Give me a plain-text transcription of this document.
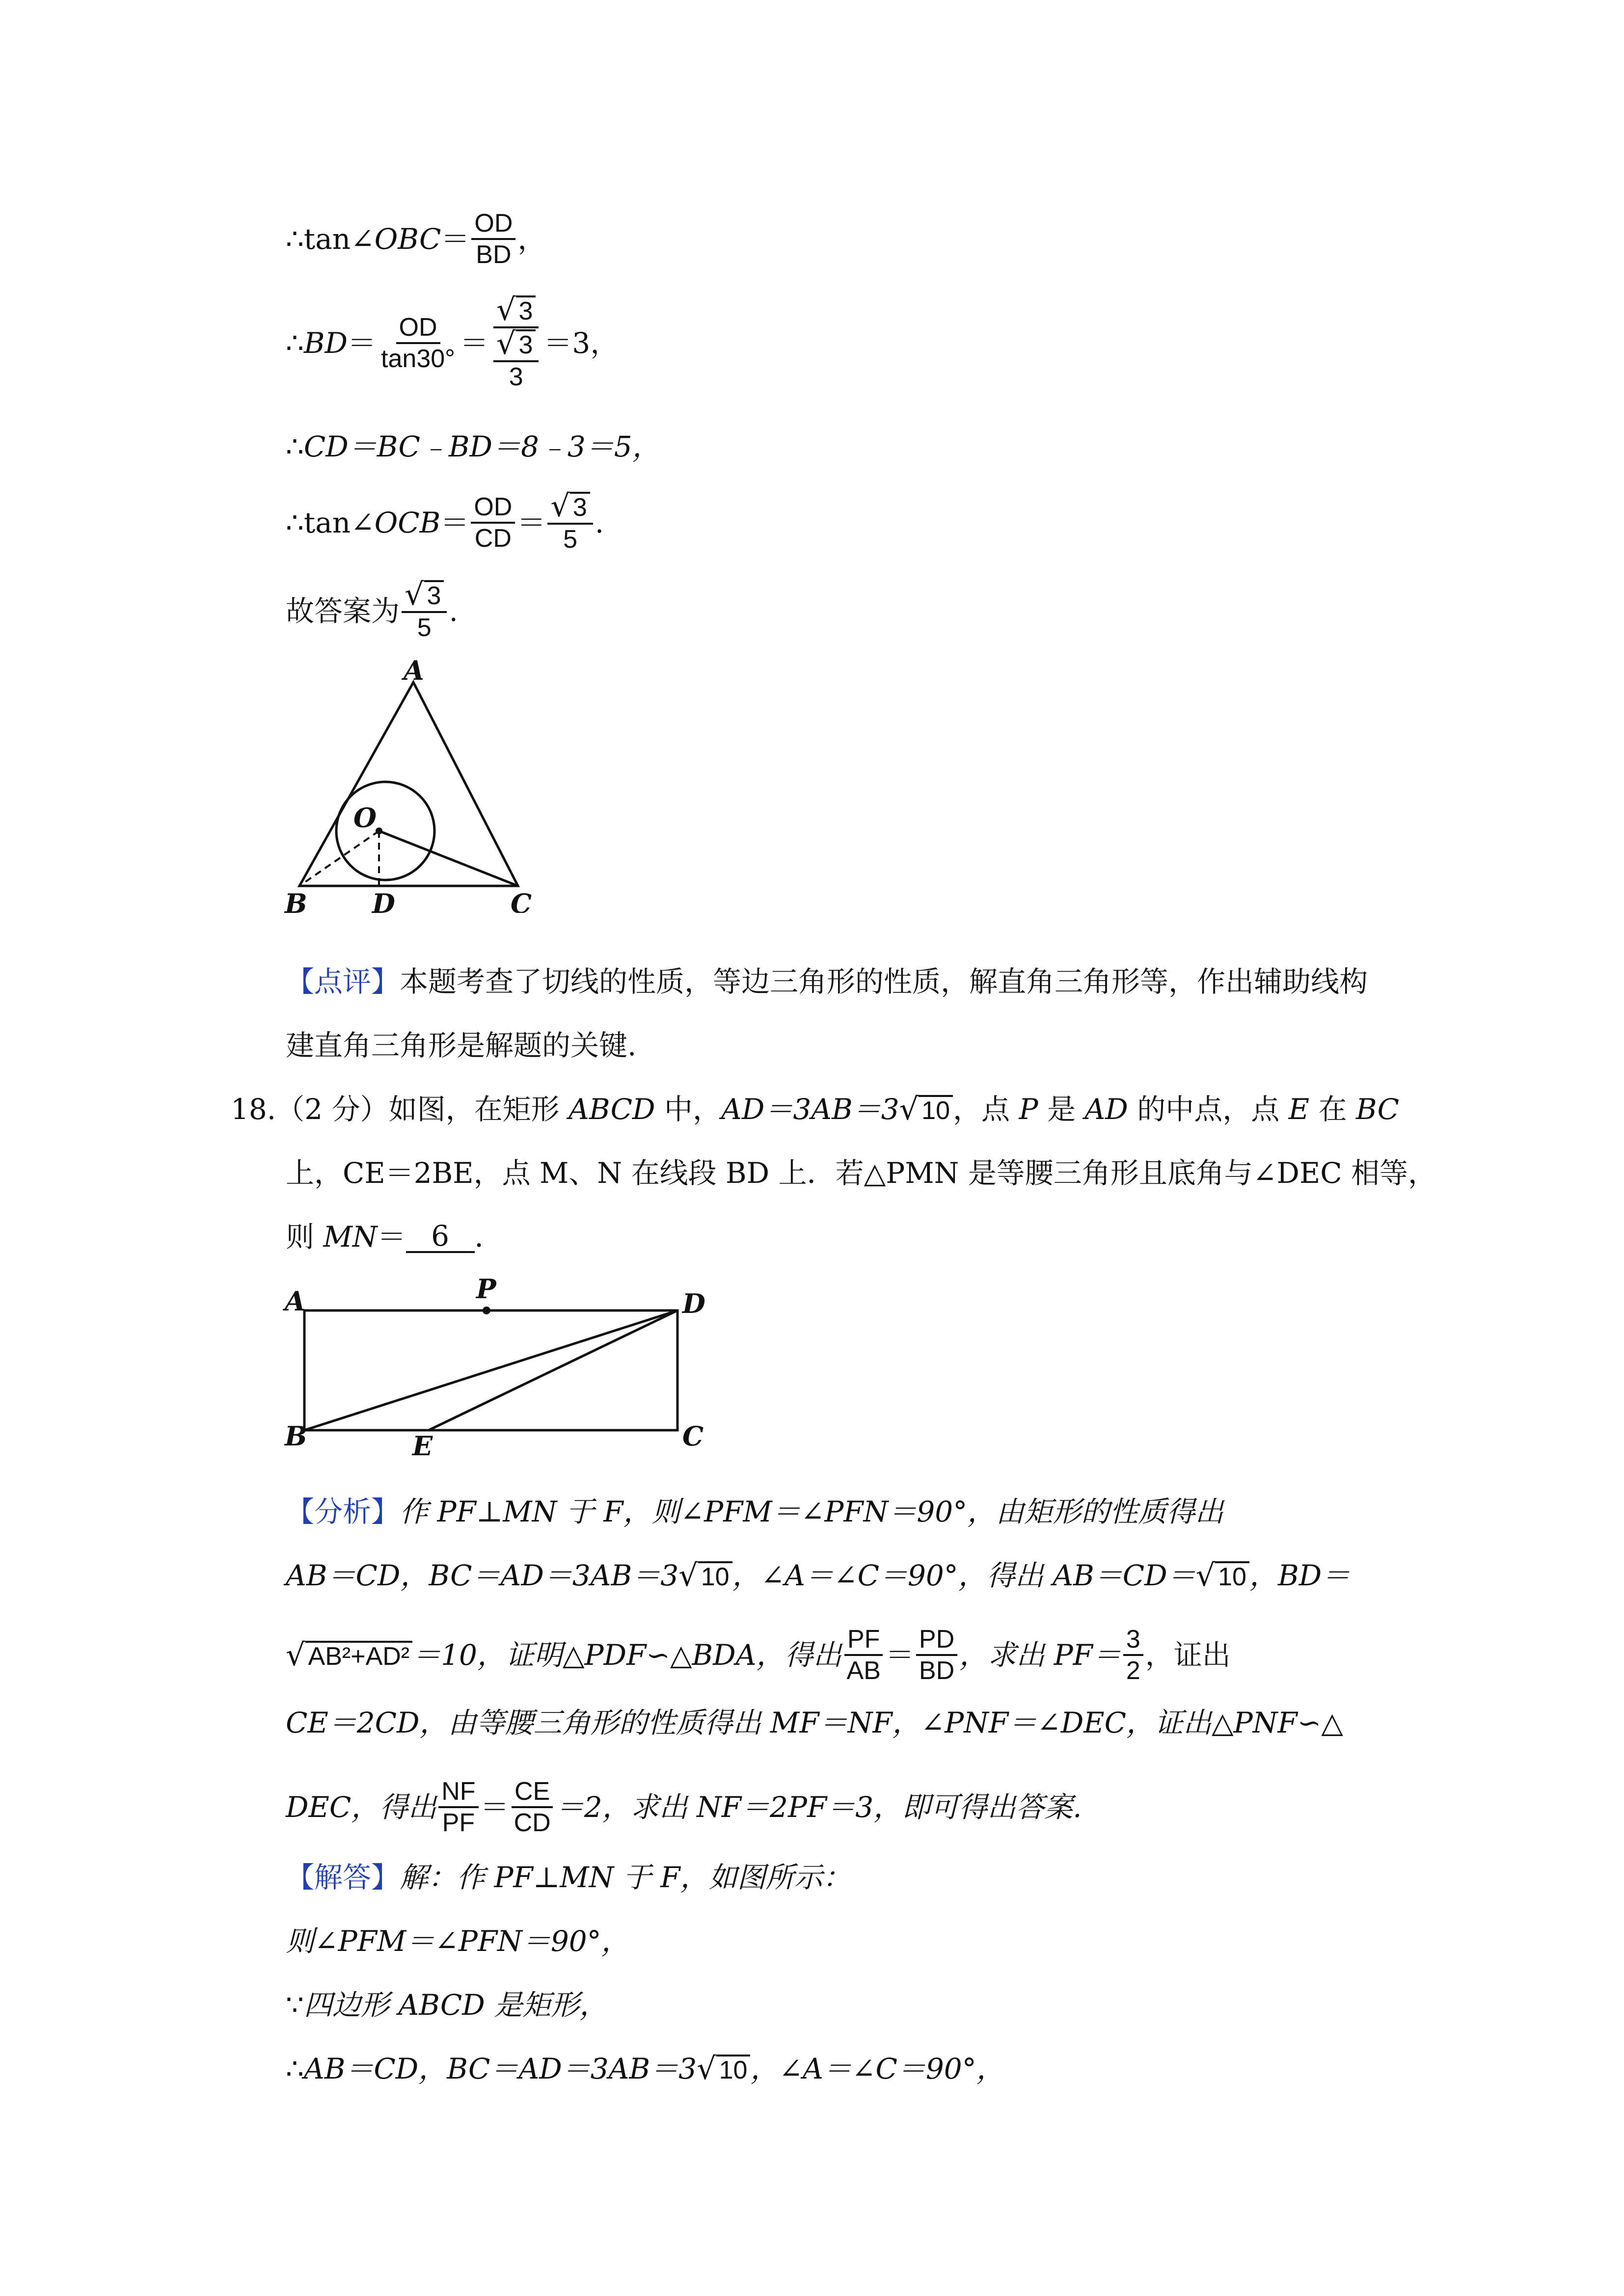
∴ tan∠ OBC ＝ OD
BD ，
∴ BD ＝ OD
tan30° ＝
√ 3
$\frac{√ 3}{3} =3$，
∴ CD＝BC﹣BD＝8﹣3＝5，
∴ tan∠ OCB ＝ OD
CD ＝ √ 3
5
.
故答案为 √ 3
5
.
A
O
B D	C
【点评】 本题考查了切线的性质，等边三角形的性质，解直角三角形等，作出辅助线构
建直角三角形是解题的关键.
18. （2 分）如图，在矩形
ABCD
中， AD＝3AB＝3 √ 10 ，点
P
是
AD
的中点，点
E
在
BC
上，CE＝2BE，点 M、N 在线段 BD 上．若△PMN 是等腰三角形且底角与∠DEC 相等，
则
MN ＝ 6 ．
A	P	D
B	E	C
【分析】 作 PF⊥MN 于 F，则∠PFM＝∠PFN＝90°，由矩形的性质得出
AB＝CD，BC＝AD＝3AB＝3 √ 10 ，∠A＝∠C＝90°，得出 AB＝CD＝ √ 10 ，BD＝
√ AB²+AD² ＝10，证明△PDF∽△BDA，得出 PF
AB ＝ PD
BD ，求出 PF＝ 3
2 ，证出
CE＝2CD，由等腰三角形的性质得出 MF＝NF，∠PNF＝∠DEC，证出△PNF∽△
DEC，得出 NF
PF ＝ CE
CD ＝2，求出 NF＝2PF＝3，即可得出答案.
【解答】 解：作 PF⊥MN 于 F，如图所示：
则∠PFM＝∠PFN＝90°，
∵ 四边形 ABCD 是矩形，
∴ AB＝CD，BC＝AD＝3AB＝3 √ 10 ，∠A＝∠C＝90°，
